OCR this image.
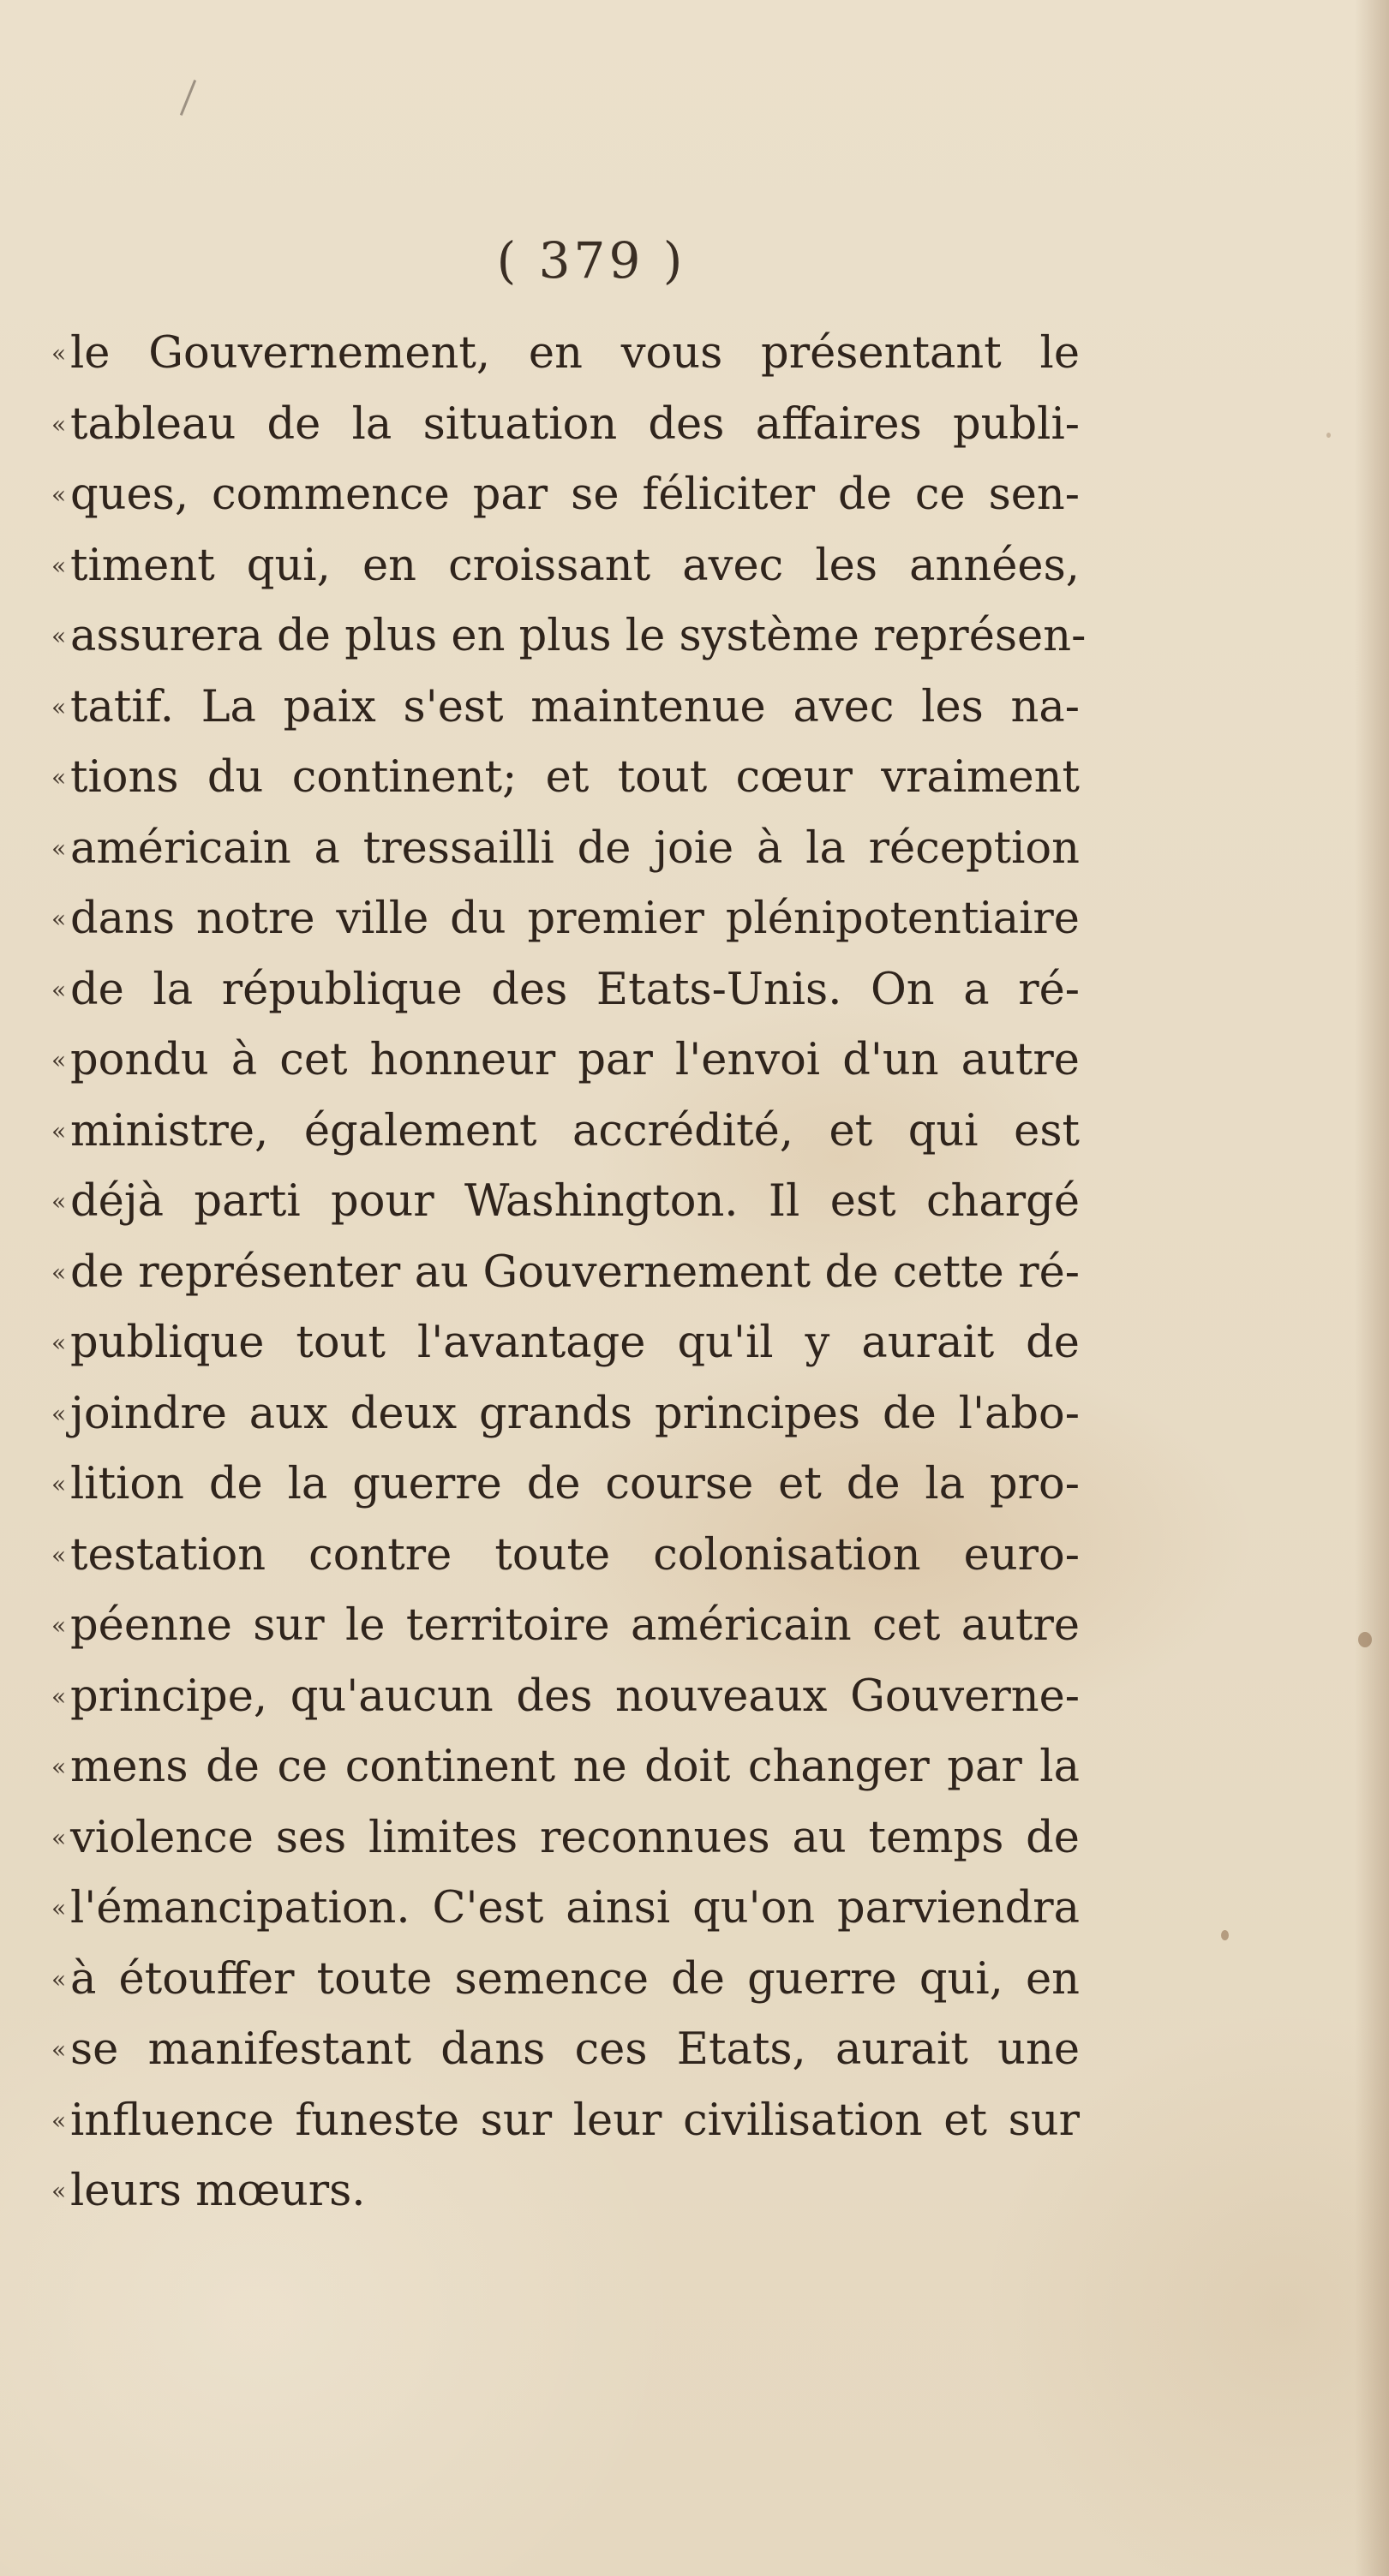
( 379 )
« le Gouvernement, en vous présentant le
« tableau de la situation des affaires publi-
« ques, commence par se féliciter de ce sen-
« timent qui, en croissant avec les années,
« assurera de plus en plus le système représen-
« tatif. La paix s'est maintenue avec les na-
« tions du continent; et tout cœur vraiment
« américain a tressailli de joie à la réception
« dans notre ville du premier plénipotentiaire
« de la république des Etats-Unis. On a ré-
« pondu à cet honneur par l'envoi d'un autre
« ministre, également accrédité, et qui est
« déjà parti pour Washington. Il est chargé
« de représenter au Gouvernement de cette ré-
« publique tout l'avantage qu'il y aurait de
« joindre aux deux grands principes de l'abo-
« lition de la guerre de course et de la pro-
« testation contre toute colonisation euro-
« péenne sur le territoire américain cet autre
« principe, qu'aucun des nouveaux Gouverne-
« mens de ce continent ne doit changer par la
« violence ses limites reconnues au temps de
« l'émancipation. C'est ainsi qu'on parviendra
« à étouffer toute semence de guerre qui, en
« se manifestant dans ces Etats, aurait une
« influence funeste sur leur civilisation et sur
« leurs mœurs.
